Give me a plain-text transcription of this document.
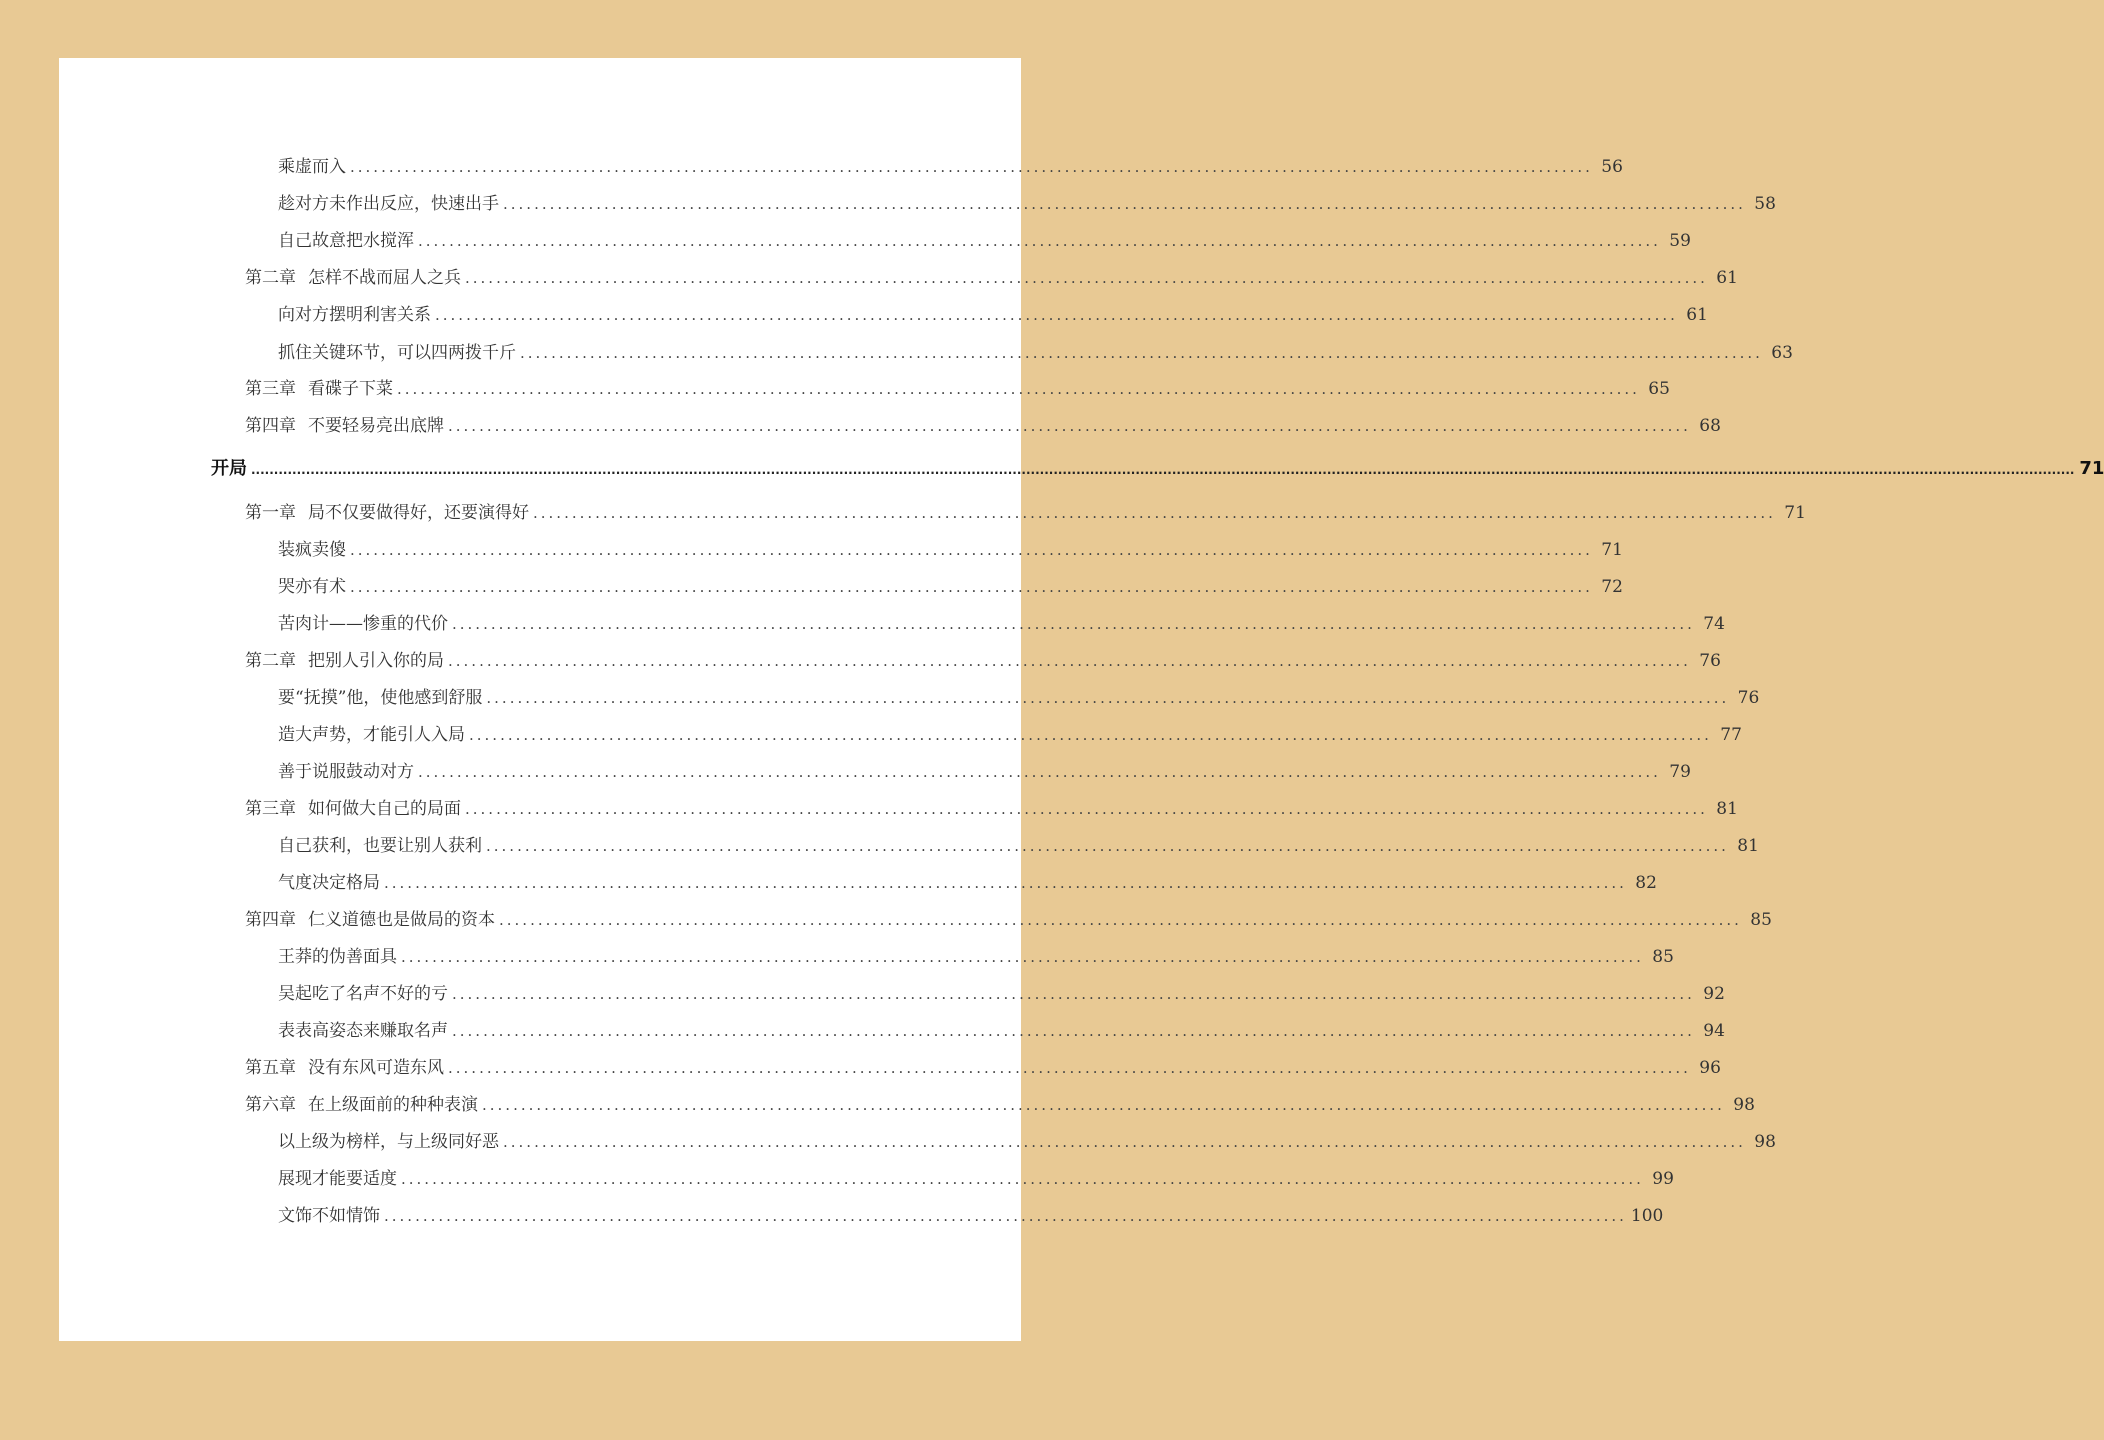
乘虚而入 ................................................................................................................................................................ 56
趁对方未作出反应，快速出手 ................................................................................................................................................................ 58
自己故意把水搅浑 ................................................................................................................................................................ 59
第二章 怎样不战而屈人之兵 ................................................................................................................................................................ 61
向对方摆明利害关系 ................................................................................................................................................................ 61
抓住关键环节，可以四两拨千斤 ................................................................................................................................................................ 63
第三章 看碟子下菜 ................................................................................................................................................................ 65
第四章 不要轻易亮出底牌 ................................................................................................................................................................ 68
开局 ................................................................................................................................................................................................................................................................................................................................................................................................................ 71
第一章 局不仅要做得好，还要演得好 ................................................................................................................................................................ 71
装疯卖傻 ................................................................................................................................................................ 71
哭亦有术 ................................................................................................................................................................ 72
苦肉计——惨重的代价 ................................................................................................................................................................ 74
第二章 把别人引入你的局 ................................................................................................................................................................ 76
要“抚摸”他，使他感到舒服 ................................................................................................................................................................ 76
造大声势，才能引人入局 ................................................................................................................................................................ 77
善于说服鼓动对方 ................................................................................................................................................................ 79
第三章 如何做大自己的局面 ................................................................................................................................................................ 81
自己获利，也要让别人获利 ................................................................................................................................................................ 81
气度决定格局 ................................................................................................................................................................ 82
第四章 仁义道德也是做局的资本 ................................................................................................................................................................ 85
王莽的伪善面具 ................................................................................................................................................................ 85
吴起吃了名声不好的亏 ................................................................................................................................................................ 92
表表高姿态来赚取名声 ................................................................................................................................................................ 94
第五章 没有东风可造东风 ................................................................................................................................................................ 96
第六章 在上级面前的种种表演 ................................................................................................................................................................ 98
以上级为榜样，与上级同好恶 ................................................................................................................................................................ 98
展现才能要适度 ................................................................................................................................................................ 99
文饰不如情饰 ................................................................................................................................................................ 100
